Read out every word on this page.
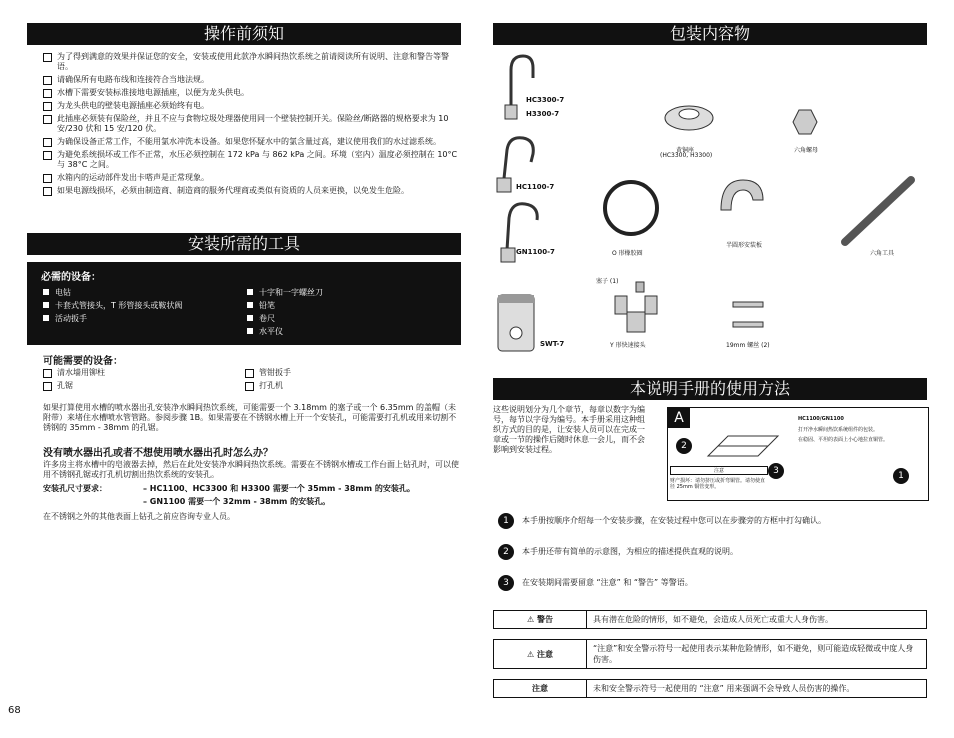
操作前须知
为了得到满意的效果并保证您的安全，安装或使用此款净水瞬间热饮系统之前请阅读所有说明、注意和警告等警语。
请确保所有电路布线和连接符合当地法规。
水槽下需要安装标准接地电源插座，以便为龙头供电。
为龙头供电的壁装电源插座必须始终有电。
此插座必须装有保险丝，并且不应与食物垃圾处理器使用同一个壁装控制开关。保险丝/断路器的规格要求为 10 安/230 伏和 15 安/120 伏。
为确保设备正常工作，不能用氯水冲洗本设备。如果您怀疑水中的氯含量过高，建议使用我们的水过滤系统。
为避免系统损坏或工作不正常，水压必须控制在 172 kPa 与 862 kPa 之间。环境（室内）温度必须控制在 10°C 与 38°C 之间。
水箱内的运动部件发出卡嗒声是正常现象。
如果电源线损坏，必须由制造商、制造商的服务代理商或类似有资质的人员来更换，以免发生危险。
安装所需的工具
必需的设备：
电钻
卡套式管接头，T 形管接头或鞍状阀
活动扳手
十字和一字螺丝刀
铅笔
卷尺
水平仪
可能需要的设备：
清水墙用铆柱
孔锯
管钳扳手
打孔机
如果打算使用水槽的喷水器出孔安装净水瞬间热饮系统，可能需要一个 3.18mm 的塞子或一个 6.35mm 的盖帽（未附带）来堵住水槽喷水管管路。参阅步骤 1B。如果需要在不锈钢水槽上开一个安装孔，可能需要打孔机或用来切割不锈钢的 35mm - 38mm 的孔锯。
没有喷水器出孔或者不想使用喷水器出孔时怎么办？
许多房主将水槽中的皂液器去掉，然后在此处安装净水瞬间热饮系统。需要在不锈钢水槽或工作台面上钻孔时，可以使用不锈钢孔锯或打孔机切割出热饮系统的安装孔。
安装孔尺寸要求：	– HC1100、HC3300 和 H3300 需要一个 35mm - 38mm 的安装孔。
– GN1100 需要一个 32mm - 38mm 的安装孔。
在不锈钢之外的其他表面上钻孔之前应咨询专业人员。
68
包装内容物
HC3300-7
H3300-7
HC1100-7
GN1100-7
SWT-7
黄铜座
(HC3300, H3300)
六角螺母
O 形橡胶圈
半圆形安装板
六角工具
塞子 (1)
Y 形快速接头	19mm 螺丝 (2)
本说明手册的使用方法
这些说明划分为几个章节，每章以数字为编号，每节以字母为编号。本手册采用这种组织方式的目的是，让安装人员可以在完成一章或一节的操作后随时休息一会儿，而不会影响到安装过程。
A
2
HC1100/GN1100
打开净水瞬间热饮系统组件的包装。
在稳固、平坦的表面上小心地拉直铜管。
注意
财产损坏：请勿挤压或折弯铜管。请勿使直径 25mm 铜管变形。
3	1
1	本手册按顺序介绍每一个安装步骤，在安装过程中您可以在步骤旁的方框中打勾确认。
2	本手册还带有简单的示意图，为相应的描述提供直观的说明。
3	在安装期间需要留意 “注意” 和 “警告” 等警语。
⚠ 警告	具有潜在危险的情形，如不避免，会造成人员死亡或重大人身伤害。

⚠ 注意	“注意”和安全警示符号一起使用表示某种危险情形，如不避免，则可能造成轻微或中度人身伤害。

注意	未和安全警示符号一起使用的 “注意” 用来强调不会导致人员伤害的操作。
